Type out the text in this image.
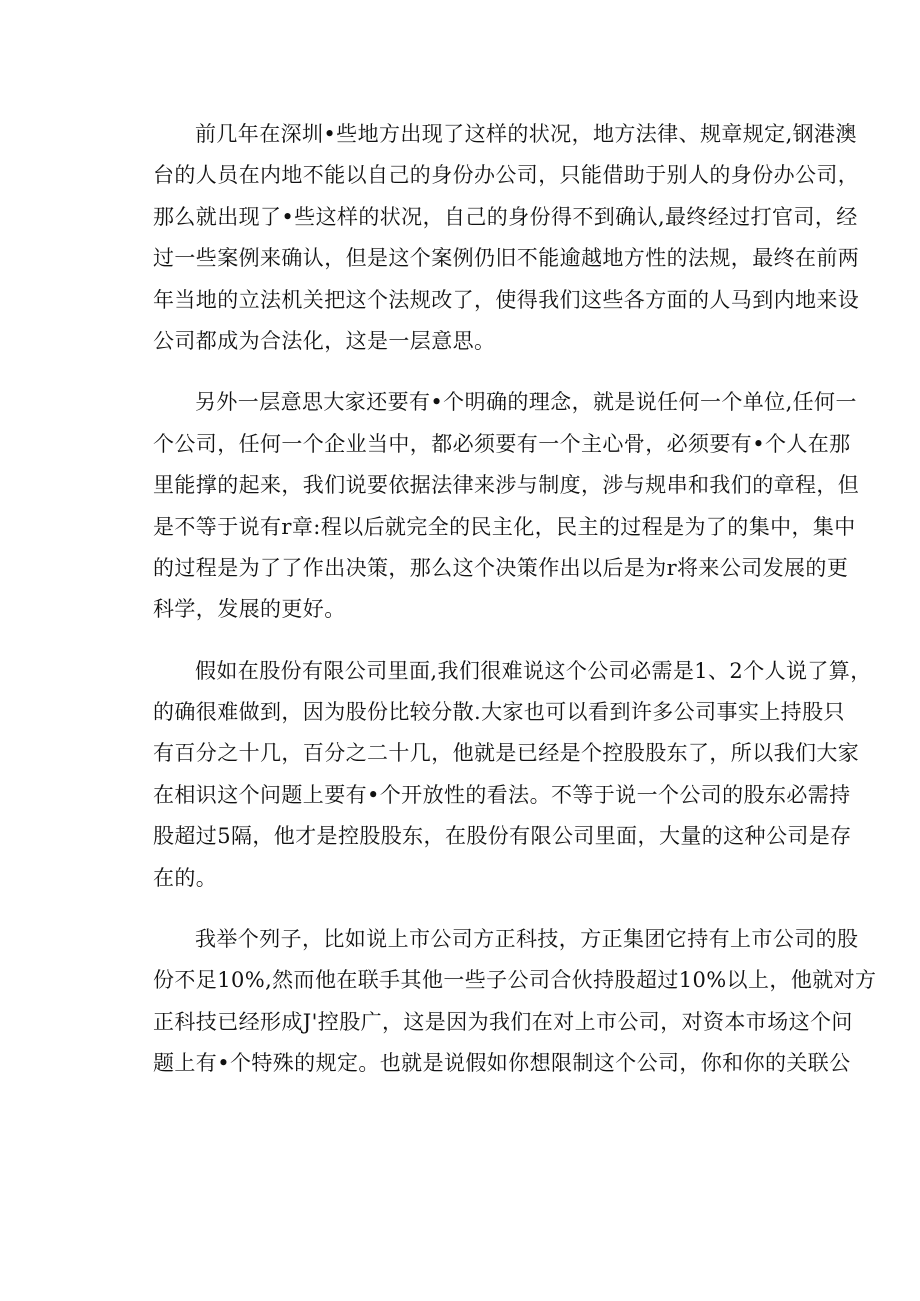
前几年在深圳•些地方出现了这样的状况，地方法律、规章规定,钢港澳
台的人员在内地不能以自己的身份办公司，只能借助于别人的身份办公司，
那么就出现了•些这样的状况，自己的身份得不到确认,最终经过打官司，经
过一些案例来确认，但是这个案例仍旧不能逾越地方性的法规，最终在前两
年当地的立法机关把这个法规改了，使得我们这些各方面的人马到内地来设
公司都成为合法化，这是一层意思。
另外一层意思大家还要有•个明确的理念，就是说任何一个单位,任何一
个公司，任何一个企业当中，都必须要有一个主心骨，必须要有•个人在那
里能撑的起来，我们说要依据法律来涉与制度，涉与规串和我们的章程，但
是不等于说有r章:程以后就完全的民主化，民主的过程是为了的集中，集中
的过程是为了了作出决策，那么这个决策作出以后是为r将来公司发展的更
科学，发展的更好。
假如在股份有限公司里面,我们很难说这个公司必需是1、2个人说了算，
的确很难做到，因为股份比较分散.大家也可以看到许多公司事实上持股只
有百分之十几，百分之二十几，他就是已经是个控股股东了，所以我们大家
在相识这个问题上要有•个开放性的看法。不等于说一个公司的股东必需持
股超过5隔，他才是控股股东，在股份有限公司里面，大量的这种公司是存
在的。
我举个列子，比如说上市公司方正科技，方正集团它持有上市公司的股
份不足10%,然而他在联手其他一些子公司合伙持股超过10%以上，他就对方
正科技已经形成J'控股广，这是因为我们在对上市公司，对资本市场这个问
题上有•个特殊的规定。也就是说假如你想限制这个公司，你和你的关联公
